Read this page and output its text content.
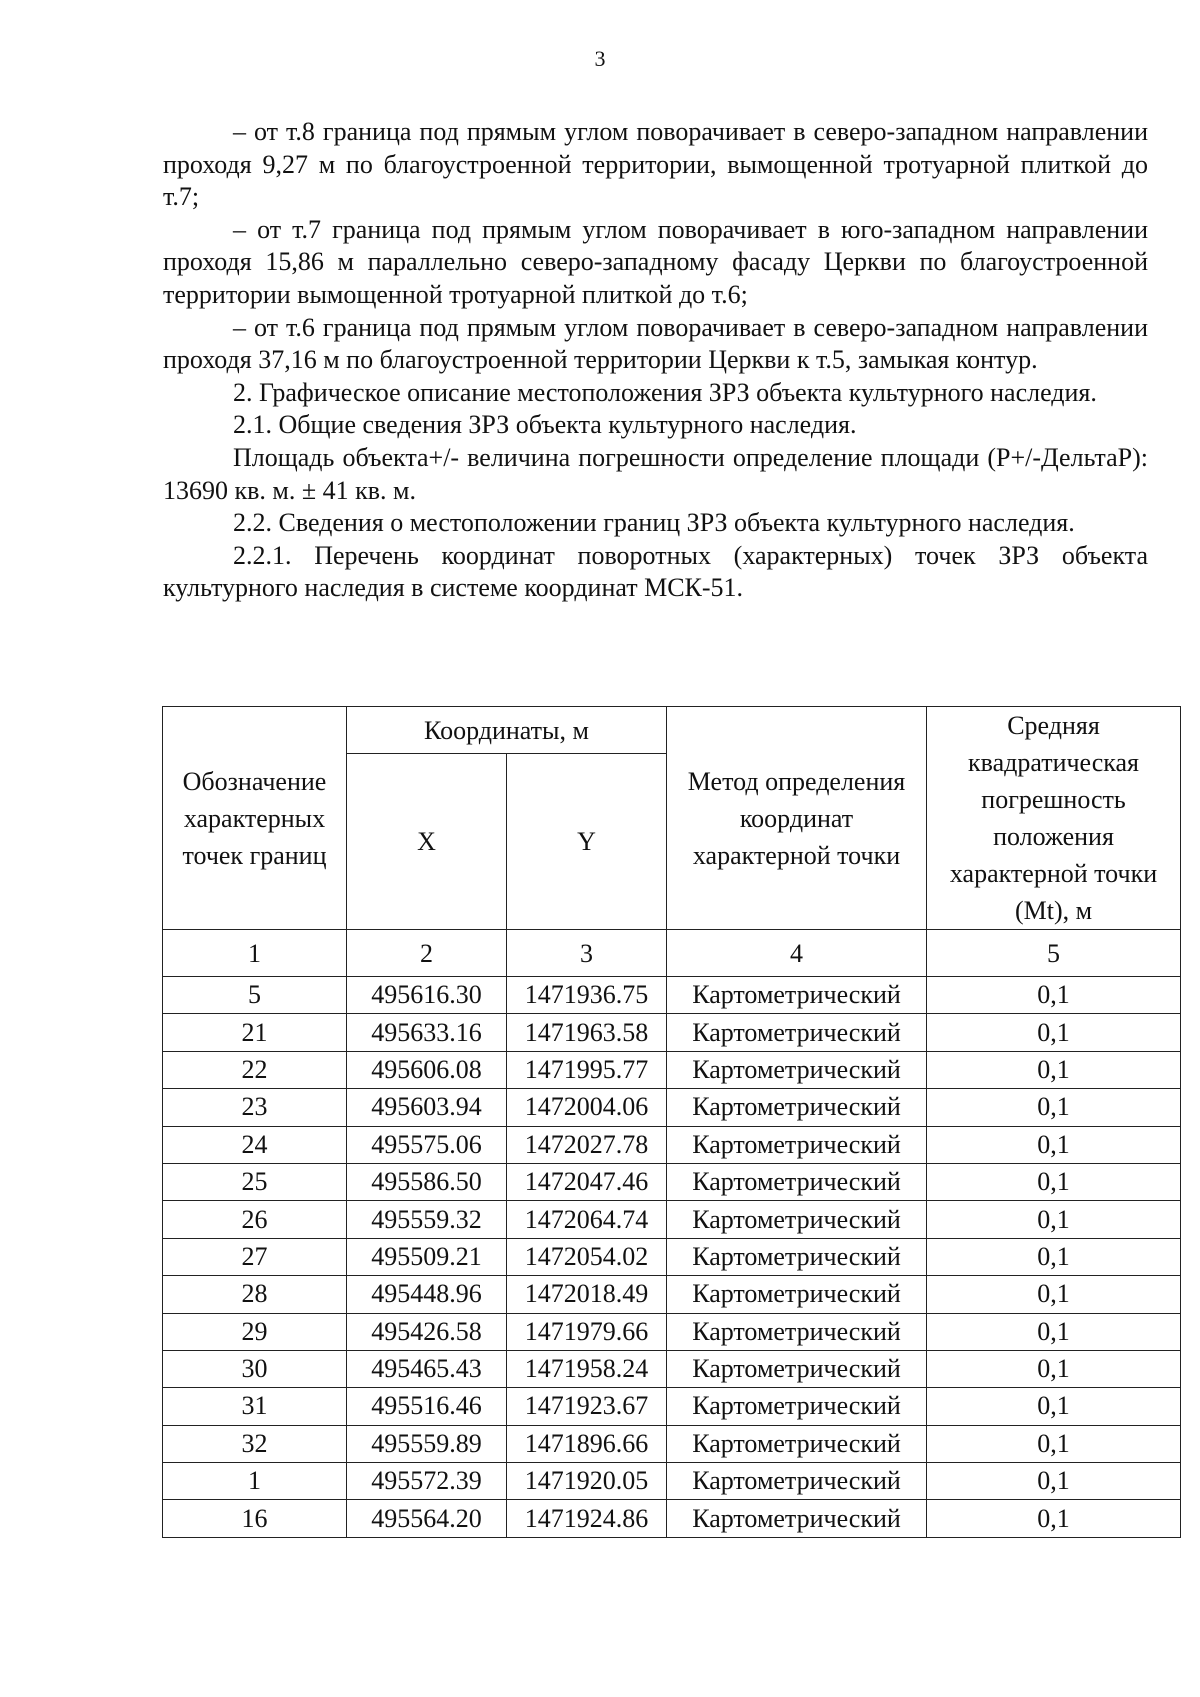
3

– от т.8 граница под прямым углом поворачивает в северо-западном направлении проходя 9,27 м по благоустроенной территории, вымощенной тротуарной плиткой до т.7;

– от т.7 граница под прямым углом поворачивает в юго-западном направлении проходя 15,86 м параллельно северо-западному фасаду Церкви по благоустроенной территории вымощенной тротуарной плиткой до т.6;

– от т.6 граница под прямым углом поворачивает в северо-западном направлении проходя 37,16 м по благоустроенной территории Церкви к т.5, замыкая контур.

2. Графическое описание местоположения ЗРЗ объекта культурного наследия.

2.1. Общие сведения ЗРЗ объекта культурного наследия.

Площадь объекта+/- величина погрешности определение площади (Р+/-ДельтаР): 13690 кв. м. ± 41 кв. м.

2.2. Сведения о местоположении границ ЗРЗ объекта культурного наследия.

2.2.1. Перечень координат поворотных (характерных) точек ЗРЗ объекта культурного наследия в системе координат МСК-51.

Обозначение характерных точек границ	Координаты, м		Метод определения координат характерной точки	Средняя квадратическая погрешность положения характерной точки (Mt), м
	X	Y		
1	2	3	4	5
5	495616.30	1471936.75	Картометрический	0,1
21	495633.16	1471963.58	Картометрический	0,1
22	495606.08	1471995.77	Картометрический	0,1
23	495603.94	1472004.06	Картометрический	0,1
24	495575.06	1472027.78	Картометрический	0,1
25	495586.50	1472047.46	Картометрический	0,1
26	495559.32	1472064.74	Картометрический	0,1
27	495509.21	1472054.02	Картометрический	0,1
28	495448.96	1472018.49	Картометрический	0,1
29	495426.58	1471979.66	Картометрический	0,1
30	495465.43	1471958.24	Картометрический	0,1
31	495516.46	1471923.67	Картометрический	0,1
32	495559.89	1471896.66	Картометрический	0,1
1	495572.39	1471920.05	Картометрический	0,1
16	495564.20	1471924.86	Картометрический	0,1
